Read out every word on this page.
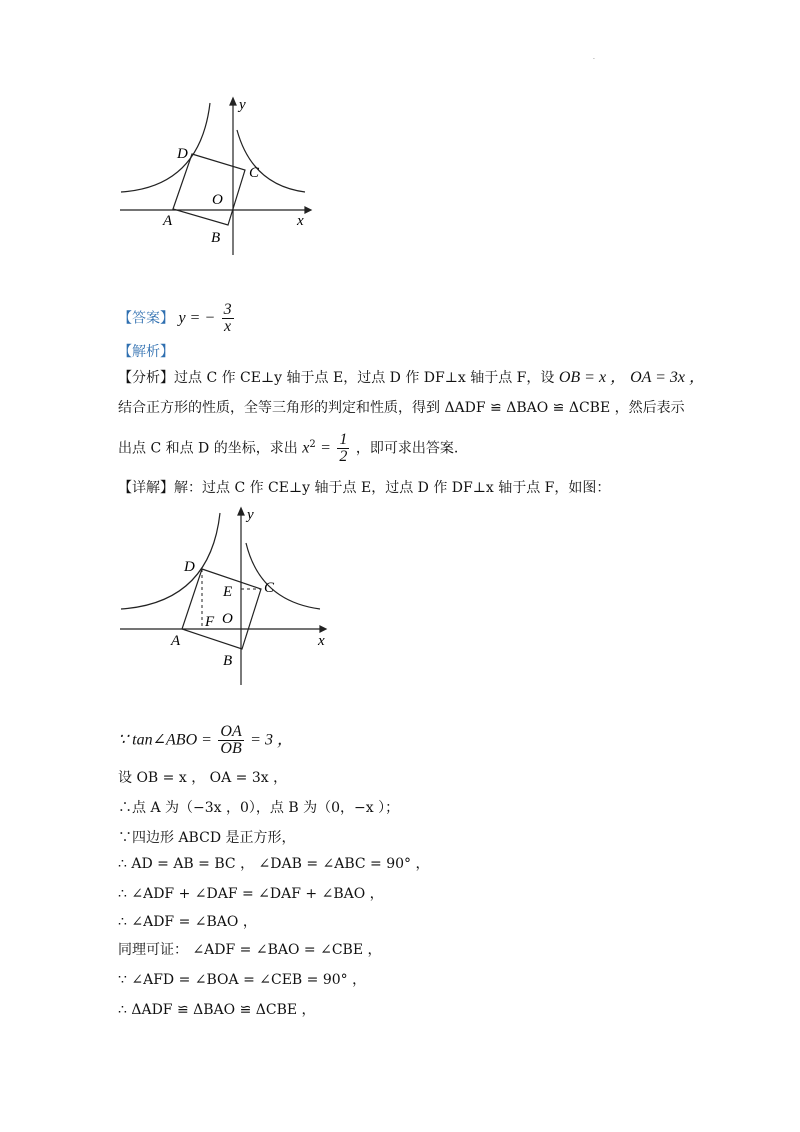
·
y
D
C
O
A
B
x
【答案】 y = − $\frac{3}{x}$
【解析】
【分析】过点 C 作 CE⊥y 轴于点 E，过点 D 作 DF⊥x 轴于点 F，设 OB = x ， OA = 3x ，
结合正方形的性质，全等三角形的判定和性质，得到 ΔADF ≌ ΔBAO ≌ ΔCBE ，然后表示
出点 C 和点 D 的坐标，求出 $x^2 = \frac{1}{2}$ ，即可求出答案.
【详解】解：过点 C 作 CE⊥y 轴于点 E，过点 D 作 DF⊥x 轴于点 F，如图：
y
D
E C
F O
A
B
x
∵ tan∠ABO = $\frac{OA}{OB} = 3$ ，
设 OB = x ， OA = 3x ，
∴点 A 为（−3x ，0），点 B 为（0，−x ）；
∵四边形 ABCD 是正方形，
∴ AD = AB = BC ， ∠DAB = ∠ABC = 90° ，
∴ ∠ADF + ∠DAF = ∠DAF + ∠BAO ，
∴ ∠ADF = ∠BAO ，
同理可证： ∠ADF = ∠BAO = ∠CBE ，
∵ ∠AFD = ∠BOA = ∠CEB = 90° ，
∴ ΔADF ≌ ΔBAO ≌ ΔCBE ，
